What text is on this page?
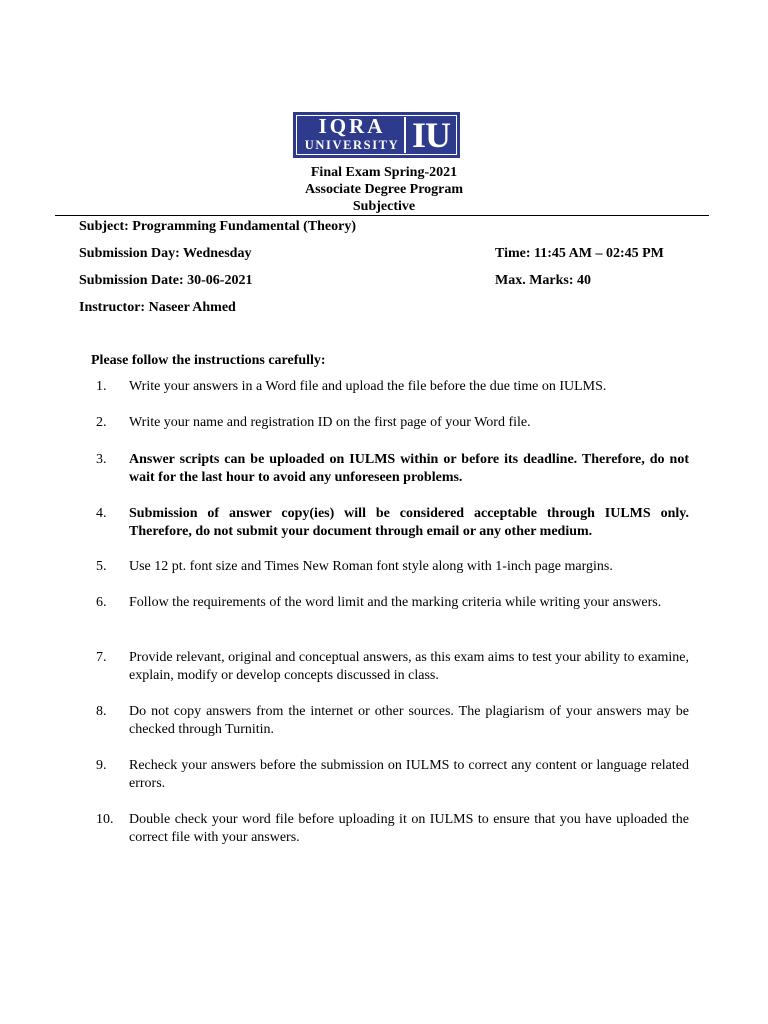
IQRA
UNIVERSITY IU
Final Exam Spring-2021
Associate Degree Program
Subjective
Subject: Programming Fundamental (Theory)
Submission Day: Wednesday	Time: 11:45 AM – 02:45 PM
Submission Date: 30-06-2021	Max. Marks: 40
Instructor: Naseer Ahmed
Please follow the instructions carefully:
1. Write your answers in a Word file and upload the file before the due time on IULMS.
2. Write your name and registration ID on the first page of your Word file.
3. Answer scripts can be uploaded on IULMS within or before its deadline. Therefore, do not wait for the last hour to avoid any unforeseen problems.
4. Submission of answer copy(ies) will be considered acceptable through IULMS only. Therefore, do not submit your document through email or any other medium.
5. Use 12 pt. font size and Times New Roman font style along with 1-inch page margins.
6. Follow the requirements of the word limit and the marking criteria while writing your answers.
7. Provide relevant, original and conceptual answers, as this exam aims to test your ability to examine, explain, modify or develop concepts discussed in class.
8. Do not copy answers from the internet or other sources. The plagiarism of your answers may be checked through Turnitin.
9. Recheck your answers before the submission on IULMS to correct any content or language related errors.
10. Double check your word file before uploading it on IULMS to ensure that you have uploaded the correct file with your answers.
